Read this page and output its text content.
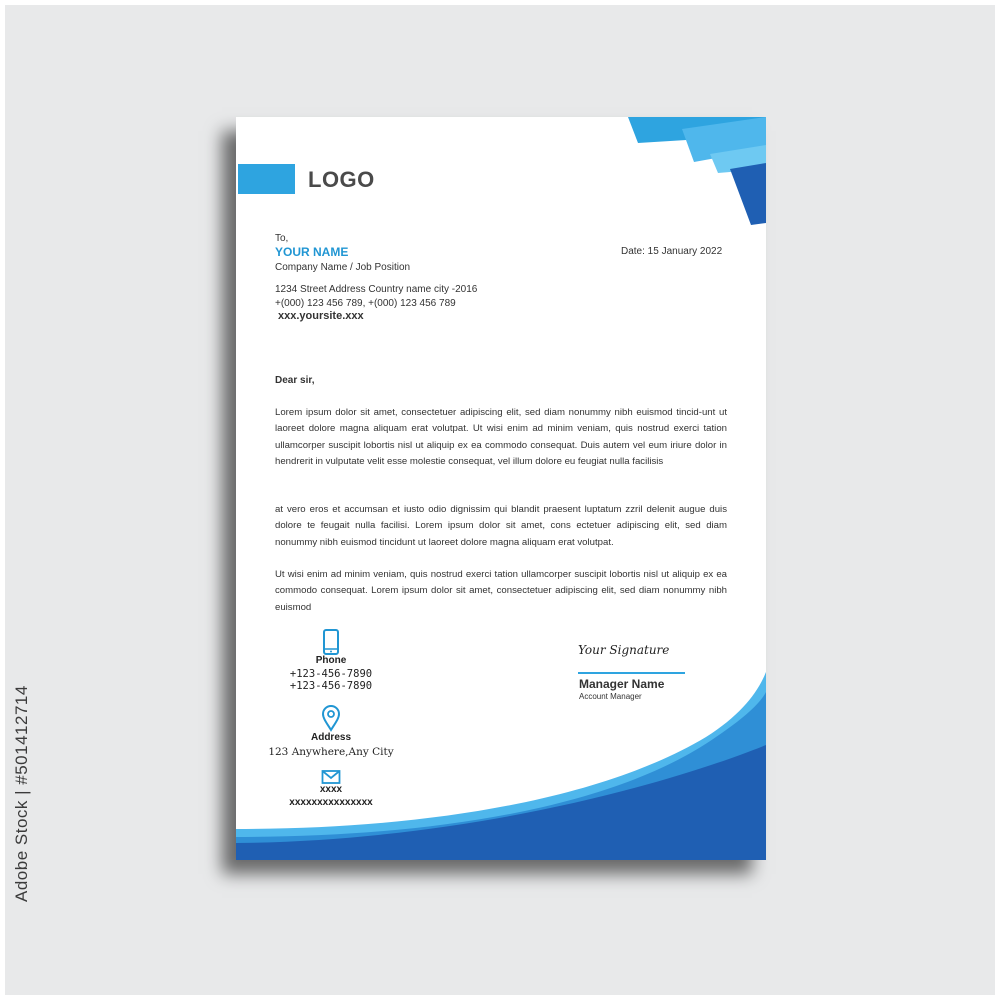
LOGO
To,
YOUR NAME
Company Name / Job Position
Date: 15 January 2022
1234 Street Address Country name city -2016
+(000) 123 456 789, +(000) 123 456 789
xxx.yoursite.xxx
Dear sir,
Lorem ipsum dolor sit amet, consectetuer adipiscing elit, sed diam nonummy nibh euismod tincid-unt ut laoreet dolore magna aliquam erat volutpat. Ut wisi enim ad minim veniam, quis nostrud exerci tation ullamcorper suscipit lobortis nisl ut aliquip ex ea commodo consequat. Duis autem vel eum iriure dolor in hendrerit in vulputate velit esse molestie consequat, vel illum dolore eu feugiat nulla facilisis
at vero eros et accumsan et iusto odio dignissim qui blandit praesent luptatum zzril delenit augue duis dolore te feugait nulla facilisi. Lorem ipsum dolor sit amet, cons ectetuer adipiscing elit, sed diam nonummy nibh euismod tincidunt ut laoreet dolore magna aliquam erat volutpat.
Ut wisi enim ad minim veniam, quis nostrud exerci tation ullamcorper suscipit lobortis nisl ut aliquip ex ea commodo consequat. Lorem ipsum dolor sit amet, consectetuer adipiscing elit, sed diam nonummy nibh euismod
Phone
+123-456-7890
+123-456-7890
Address
123 Anywhere,Any City
xxxx
xxxxxxxxxxxxxxx
Your Signature
Manager Name
Account Manager
Adobe Stock | #501412714
